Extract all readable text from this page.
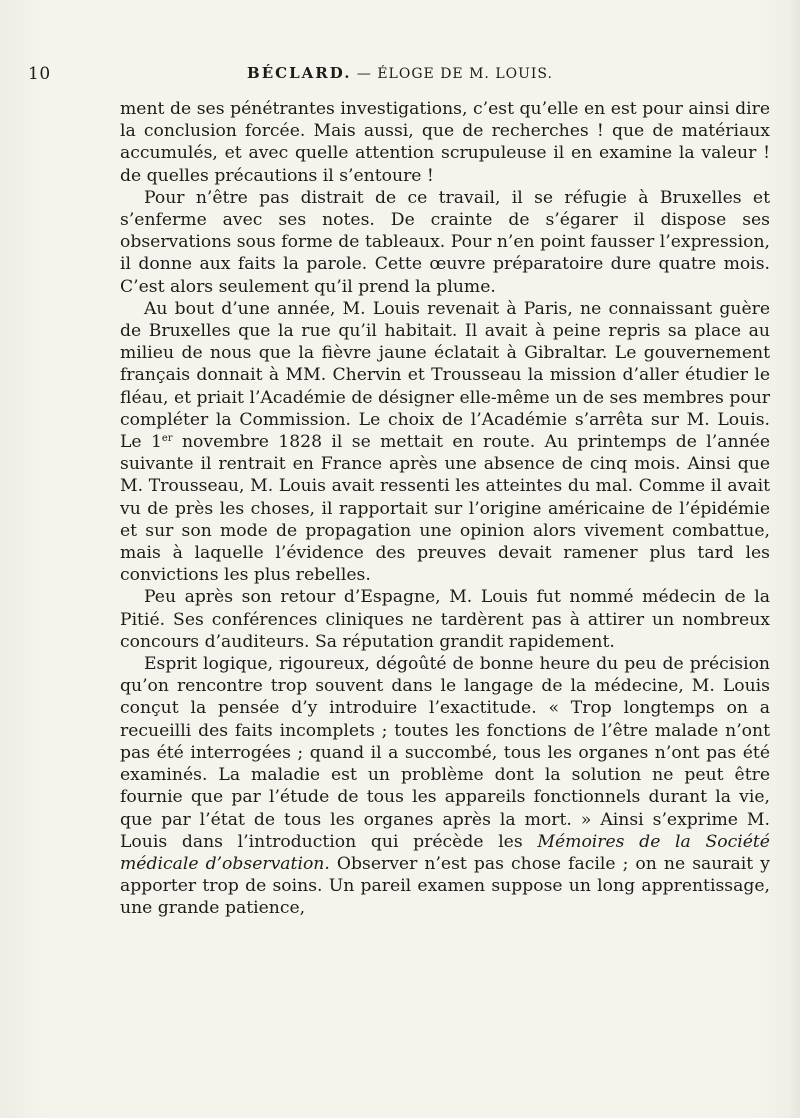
10	BÉCLARD. — ÉLOGE DE M. LOUIS.

ment de ses pénétrantes investigations, c’est qu’elle en est pour ainsi dire la conclusion forcée. Mais aussi, que de recherches ! que de matériaux accumulés, et avec quelle attention scrupuleuse il en examine la valeur ! de quelles précautions il s’entoure !

Pour n’être pas distrait de ce travail, il se réfugie à Bruxelles et s’enferme avec ses notes. De crainte de s’égarer il dispose ses observations sous forme de tableaux. Pour n’en point fausser l’expression, il donne aux faits la parole. Cette œuvre préparatoire dure quatre mois. C’est alors seulement qu’il prend la plume.

Au bout d’une année, M. Louis revenait à Paris, ne connaissant guère de Bruxelles que la rue qu’il habitait. Il avait à peine repris sa place au milieu de nous que la fièvre jaune éclatait à Gibraltar. Le gouvernement français donnait à MM. Chervin et Trousseau la mission d’aller étudier le fléau, et priait l’Académie de désigner elle-même un de ses membres pour compléter la Commission. Le choix de l’Académie s’arrêta sur M. Louis. Le 1er novembre 1828 il se mettait en route. Au printemps de l’année suivante il rentrait en France après une absence de cinq mois. Ainsi que M. Trousseau, M. Louis avait ressenti les atteintes du mal. Comme il avait vu de près les choses, il rapportait sur l’origine américaine de l’épidémie et sur son mode de propagation une opinion alors vivement combattue, mais à laquelle l’évidence des preuves devait ramener plus tard les convictions les plus rebelles.

Peu après son retour d’Espagne, M. Louis fut nommé médecin de la Pitié. Ses conférences cliniques ne tardèrent pas à attirer un nombreux concours d’auditeurs. Sa réputation grandit rapidement.

Esprit logique, rigoureux, dégoûté de bonne heure du peu de précision qu’on rencontre trop souvent dans le langage de la médecine, M. Louis conçut la pensée d’y introduire l’exactitude. « Trop longtemps on a recueilli des faits incomplets ; toutes les fonctions de l’être malade n’ont pas été interrogées ; quand il a succombé, tous les organes n’ont pas été examinés. La maladie est un problème dont la solution ne peut être fournie que par l’étude de tous les appareils fonctionnels durant la vie, que par l’état de tous les organes après la mort. » Ainsi s’exprime M. Louis dans l’introduction qui précède les Mémoires de la Société médicale d’observation. Observer n’est pas chose facile ; on ne saurait y apporter trop de soins. Un pareil examen suppose un long apprentissage, une grande patience,
